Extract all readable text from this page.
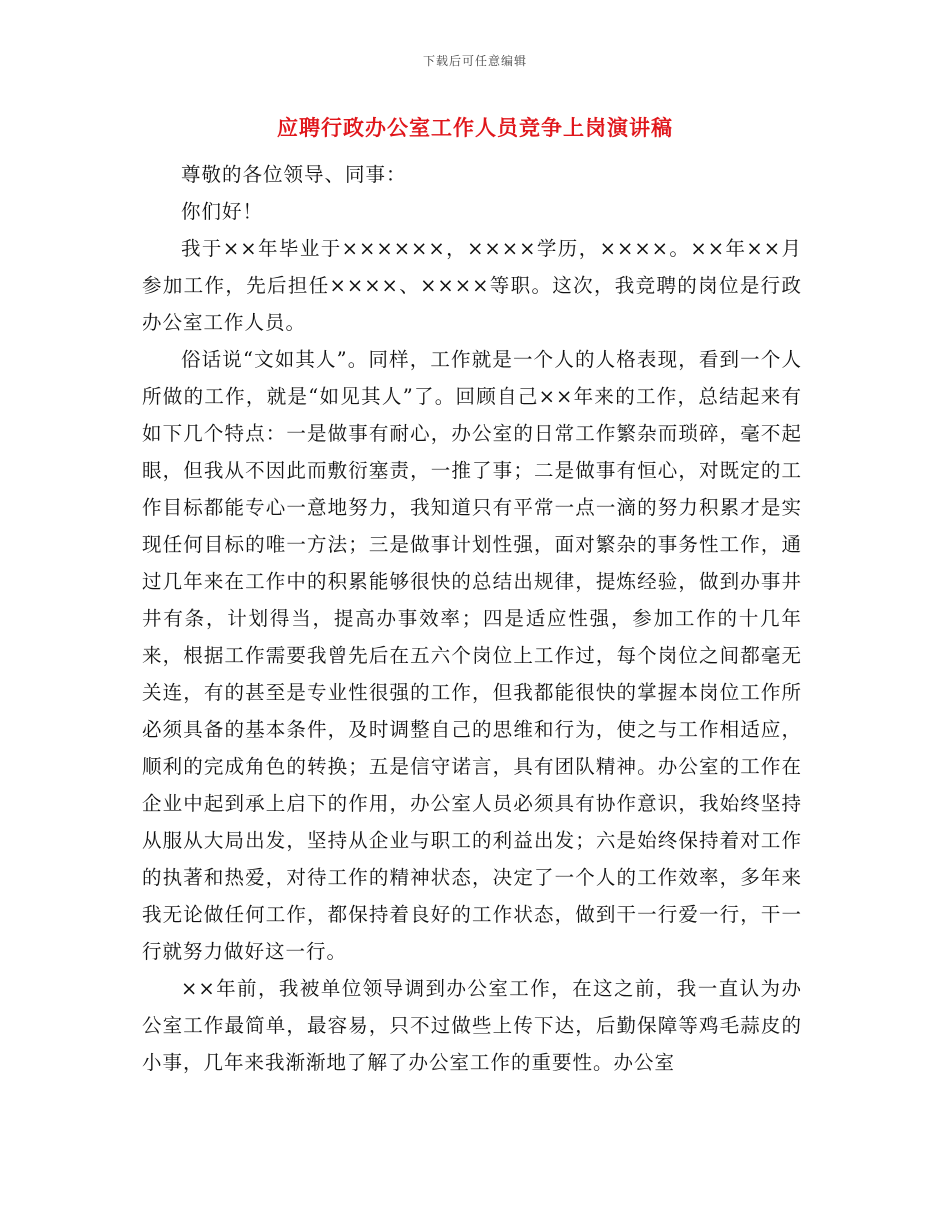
下载后可任意编辑
应聘行政办公室工作人员竞争上岗演讲稿

尊敬的各位领导、同事：

你们好！

我于××年毕业于××××××，××××学历，××××。××年××月参加工作，先后担任××××、××××等职。这次，我竞聘的岗位是行政办公室工作人员。

俗话说“文如其人”。同样，工作就是一个人的人格表现，看到一个人所做的工作，就是“如见其人”了。回顾自己××年来的工作，总结起来有如下几个特点：一是做事有耐心，办公室的日常工作繁杂而琐碎，毫不起眼，但我从不因此而敷衍塞责，一推了事；二是做事有恒心，对既定的工作目标都能专心一意地努力，我知道只有平常一点一滴的努力积累才是实现任何目标的唯一方法；三是做事计划性强，面对繁杂的事务性工作，通过几年来在工作中的积累能够很快的总结出规律，提炼经验，做到办事井井有条，计划得当，提高办事效率；四是适应性强，参加工作的十几年来，根据工作需要我曾先后在五六个岗位上工作过，每个岗位之间都毫无关连，有的甚至是专业性很强的工作，但我都能很快的掌握本岗位工作所必须具备的基本条件，及时调整自己的思维和行为，使之与工作相适应，顺利的完成角色的转换；五是信守诺言，具有团队精神。办公室的工作在企业中起到承上启下的作用，办公室人员必须具有协作意识，我始终坚持从服从大局出发，坚持从企业与职工的利益出发；六是始终保持着对工作的执著和热爱，对待工作的精神状态，决定了一个人的工作效率，多年来我无论做任何工作，都保持着良好的工作状态，做到干一行爱一行，干一行就努力做好这一行。

××年前，我被单位领导调到办公室工作，在这之前，我一直认为办公室工作最简单，最容易，只不过做些上传下达，后勤保障等鸡毛蒜皮的小事，几年来我渐渐地了解了办公室工作的重要性。办公室
